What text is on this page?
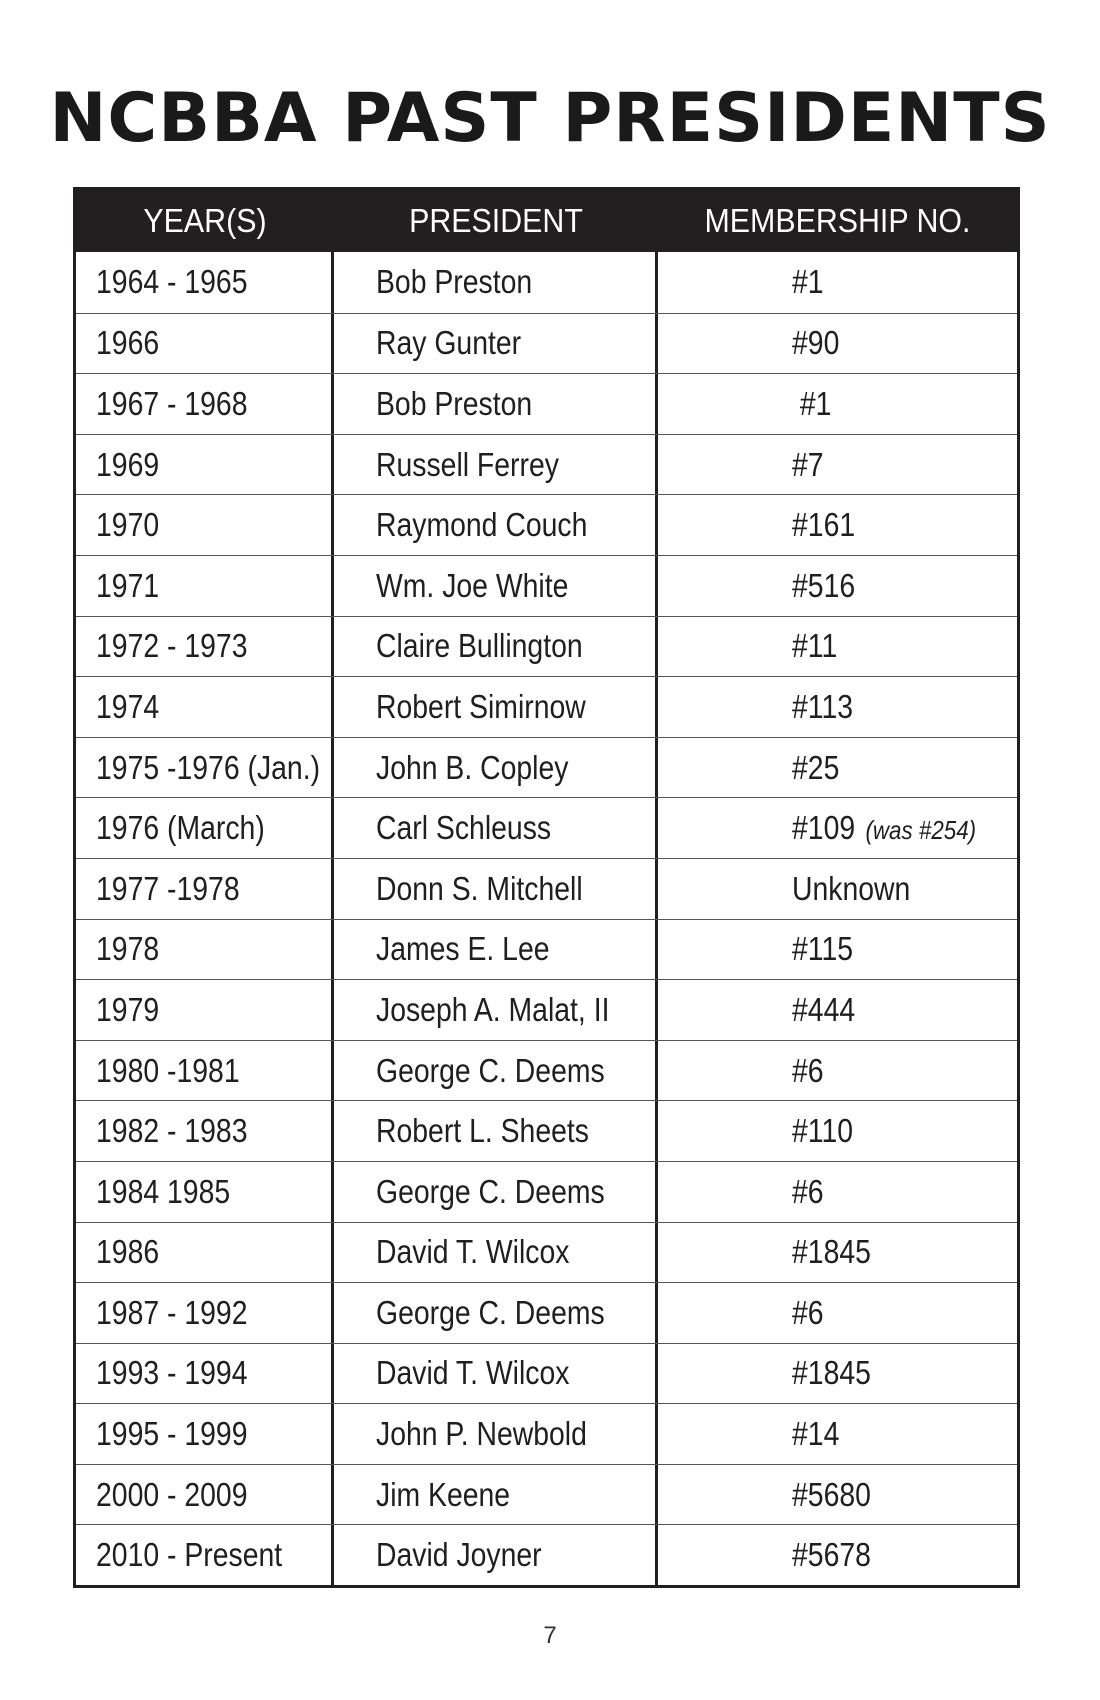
NCBBA PAST PRESIDENTS
YEAR(S)	PRESIDENT	MEMBERSHIP NO.
1964 - 1965	Bob Preston	#1
1966	Ray Gunter	#90
1967 - 1968	Bob Preston	#1
1969	Russell Ferrey	#7
1970	Raymond Couch	#161
1971	Wm. Joe White	#516
1972 - 1973	Claire Bullington	#11
1974	Robert Simirnow	#113
1975 -1976 (Jan.) John B. Copley	#25
1976 (March)	Carl Schleuss	#109 (was #254)
1977 -1978	Donn S. Mitchell	Unknown
1978	James E. Lee	#115
1979	Joseph A. Malat, II	#444
1980 -1981	George C. Deems	#6
1982 - 1983	Robert L. Sheets	#110
1984 1985	George C. Deems	#6
1986	David T. Wilcox	#1845
1987 - 1992	George C. Deems	#6
1993 - 1994	David T. Wilcox	#1845
1995 - 1999	John P. Newbold	#14
2000 - 2009	Jim Keene	#5680
2010 - Present	David Joyner	#5678
7
